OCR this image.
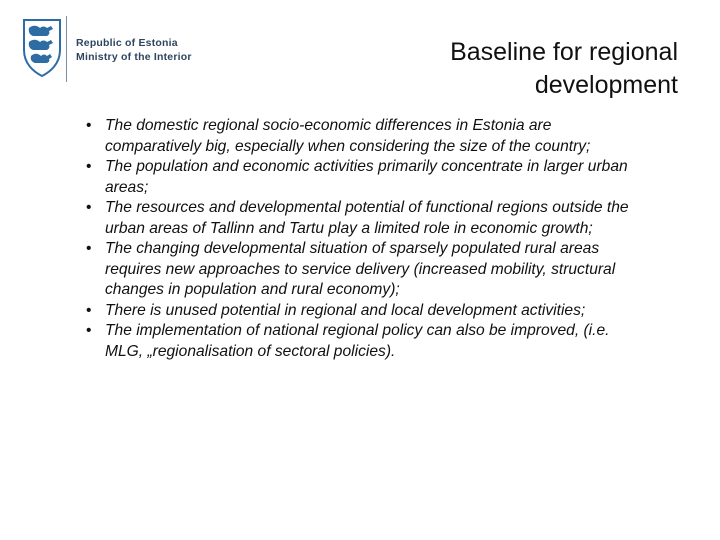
Republic of Estonia
Ministry of the Interior	Baseline for regional development
• The domestic regional socio-economic differences in Estonia are comparatively big, especially when considering the size of the country;
• The population and economic activities primarily concentrate in larger urban areas;
• The resources and developmental potential of functional regions outside the urban areas of Tallinn and Tartu play a limited role in economic growth;
• The changing developmental situation of sparsely populated rural areas requires new approaches to service delivery (increased mobility, structural changes in population and rural economy);
• There is unused potential in regional and local development activities;
• The implementation of national regional policy can also be improved, (i.e. MLG, „regionalisation of sectoral policies).
